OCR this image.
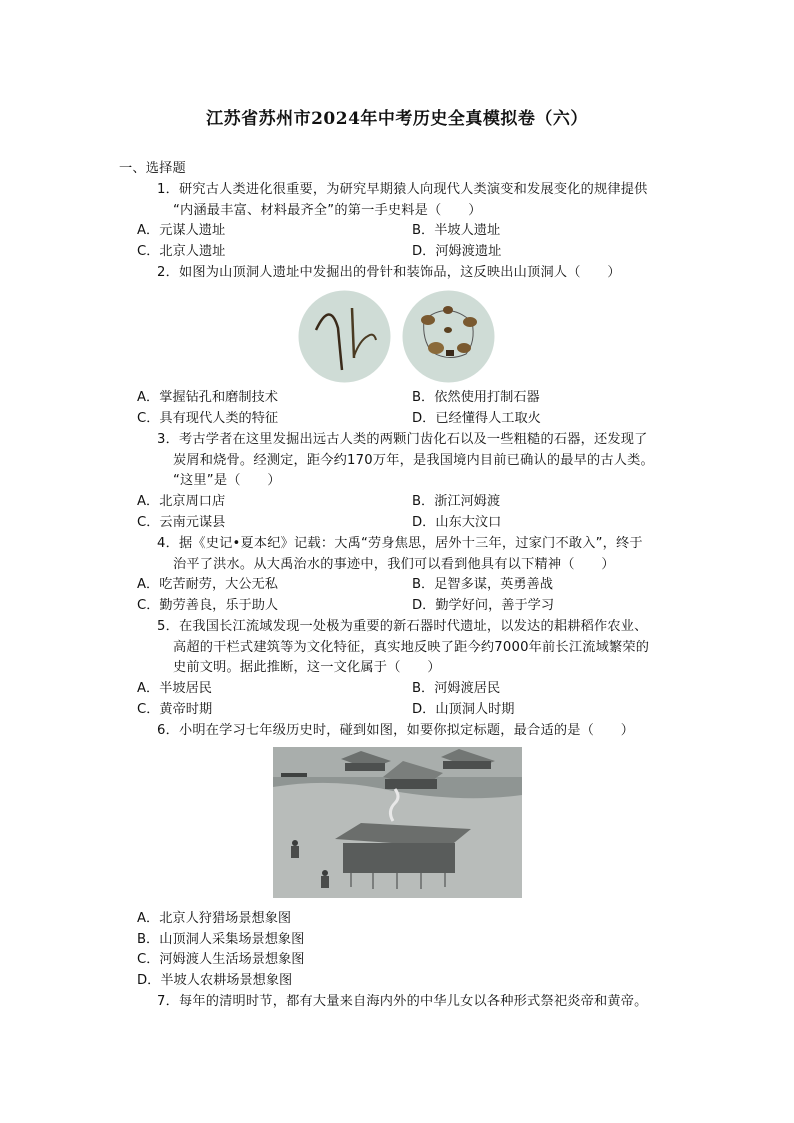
江苏省苏州市2024年中考历史全真模拟卷（六）
一、选择题
1．研究古人类进化很重要，为研究早期猿人向现代人类演变和发展变化的规律提供
“内涵最丰富、材料最齐全”的第一手史料是（　　）
A．元谋人遗址	B．半坡人遗址
C．北京人遗址	D．河姆渡遗址
2．如图为山顶洞人遗址中发掘出的骨针和装饰品，这反映出山顶洞人（　　）
A．掌握钻孔和磨制技术	B．依然使用打制石器
C．具有现代人类的特征	D．已经懂得人工取火
3．考古学者在这里发掘出远古人类的两颗门齿化石以及一些粗糙的石器，还发现了
炭屑和烧骨。经测定，距今约170万年，是我国境内目前已确认的最早的古人类。
“这里”是（　　）
A．北京周口店	B．浙江河姆渡
C．云南元谋县	D．山东大汶口
4．据《史记•夏本纪》记载：大禹“劳身焦思，居外十三年，过家门不敢入”，终于
治平了洪水。从大禹治水的事迹中，我们可以看到他具有以下精神（　　）
A．吃苦耐劳，大公无私	B．足智多谋，英勇善战
C．勤劳善良，乐于助人	D．勤学好问，善于学习
5．在我国长江流域发现一处极为重要的新石器时代遗址，以发达的耜耕稻作农业、
高超的干栏式建筑等为文化特征，真实地反映了距今约7000年前长江流域繁荣的
史前文明。据此推断，这一文化属于（　　）
A．半坡居民	B．河姆渡居民
C．黄帝时期	D．山顶洞人时期
6．小明在学习七年级历史时，碰到如图，如要你拟定标题，最合适的是（　　）
A．北京人狩猎场景想象图
B．山顶洞人采集场景想象图
C．河姆渡人生活场景想象图
D．半坡人农耕场景想象图
7．每年的清明时节，都有大量来自海内外的中华儿女以各种形式祭祀炎帝和黄帝。
